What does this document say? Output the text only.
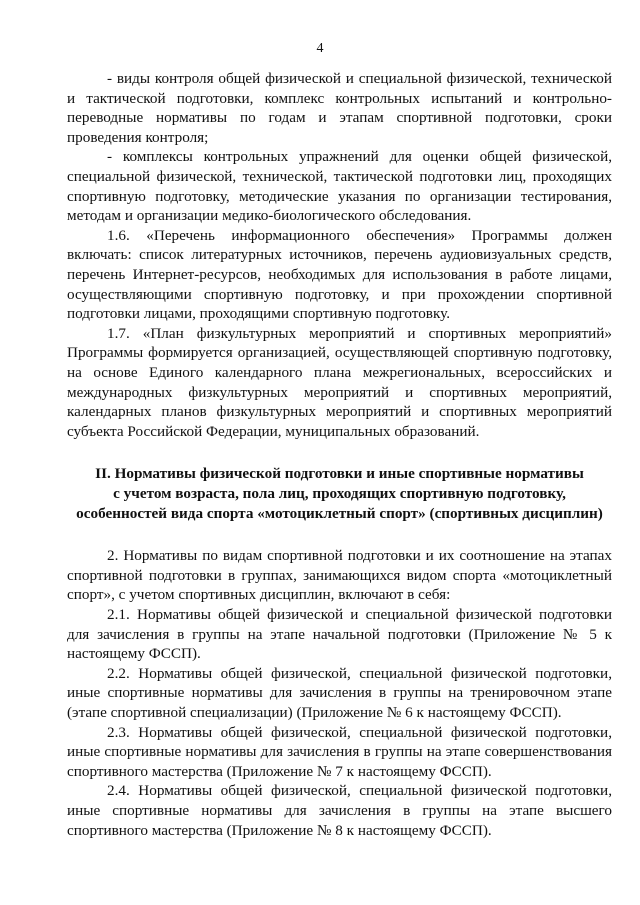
4

- виды контроля общей физической и специальной физической, технической и тактической подготовки, комплекс контрольных испытаний и контрольно-переводные нормативы по годам и этапам спортивной подготовки, сроки проведения контроля;

- комплексы контрольных упражнений для оценки общей физической, специальной физической, технической, тактической подготовки лиц, проходящих спортивную подготовку, методические указания по организации тестирования, методам и организации медико-биологического обследования.

1.6. «Перечень информационного обеспечения» Программы должен включать: список литературных источников, перечень аудиовизуальных средств, перечень Интернет-ресурсов, необходимых для использования в работе лицами, осуществляющими спортивную подготовку, и при прохождении спортивной подготовки лицами, проходящими спортивную подготовку.

1.7. «План физкультурных мероприятий и спортивных мероприятий» Программы формируется организацией, осуществляющей спортивную подготовку, на основе Единого календарного плана межрегиональных, всероссийских и международных физкультурных мероприятий и спортивных мероприятий, календарных планов физкультурных мероприятий и спортивных мероприятий субъекта Российской Федерации, муниципальных образований.

II. Нормативы физической подготовки и иные спортивные нормативы
с учетом возраста, пола лиц, проходящих спортивную подготовку,
особенностей вида спорта «мотоциклетный спорт» (спортивных дисциплин)

2. Нормативы по видам спортивной подготовки и их соотношение на этапах спортивной подготовки в группах, занимающихся видом спорта «мотоциклетный спорт», с учетом спортивных дисциплин, включают в себя:

2.1. Нормативы общей физической и специальной физической подготовки для зачисления в группы на этапе начальной подготовки (Приложение № 5 к настоящему ФССП).

2.2. Нормативы общей физической, специальной физической подготовки, иные спортивные нормативы для зачисления в группы на тренировочном этапе (этапе спортивной специализации) (Приложение № 6 к настоящему ФССП).

2.3. Нормативы общей физической, специальной физической подготовки, иные спортивные нормативы для зачисления в группы на этапе совершенствования спортивного мастерства (Приложение № 7 к настоящему ФССП).

2.4. Нормативы общей физической, специальной физической подготовки, иные спортивные нормативы для зачисления в группы на этапе высшего спортивного мастерства (Приложение № 8 к настоящему ФССП).
